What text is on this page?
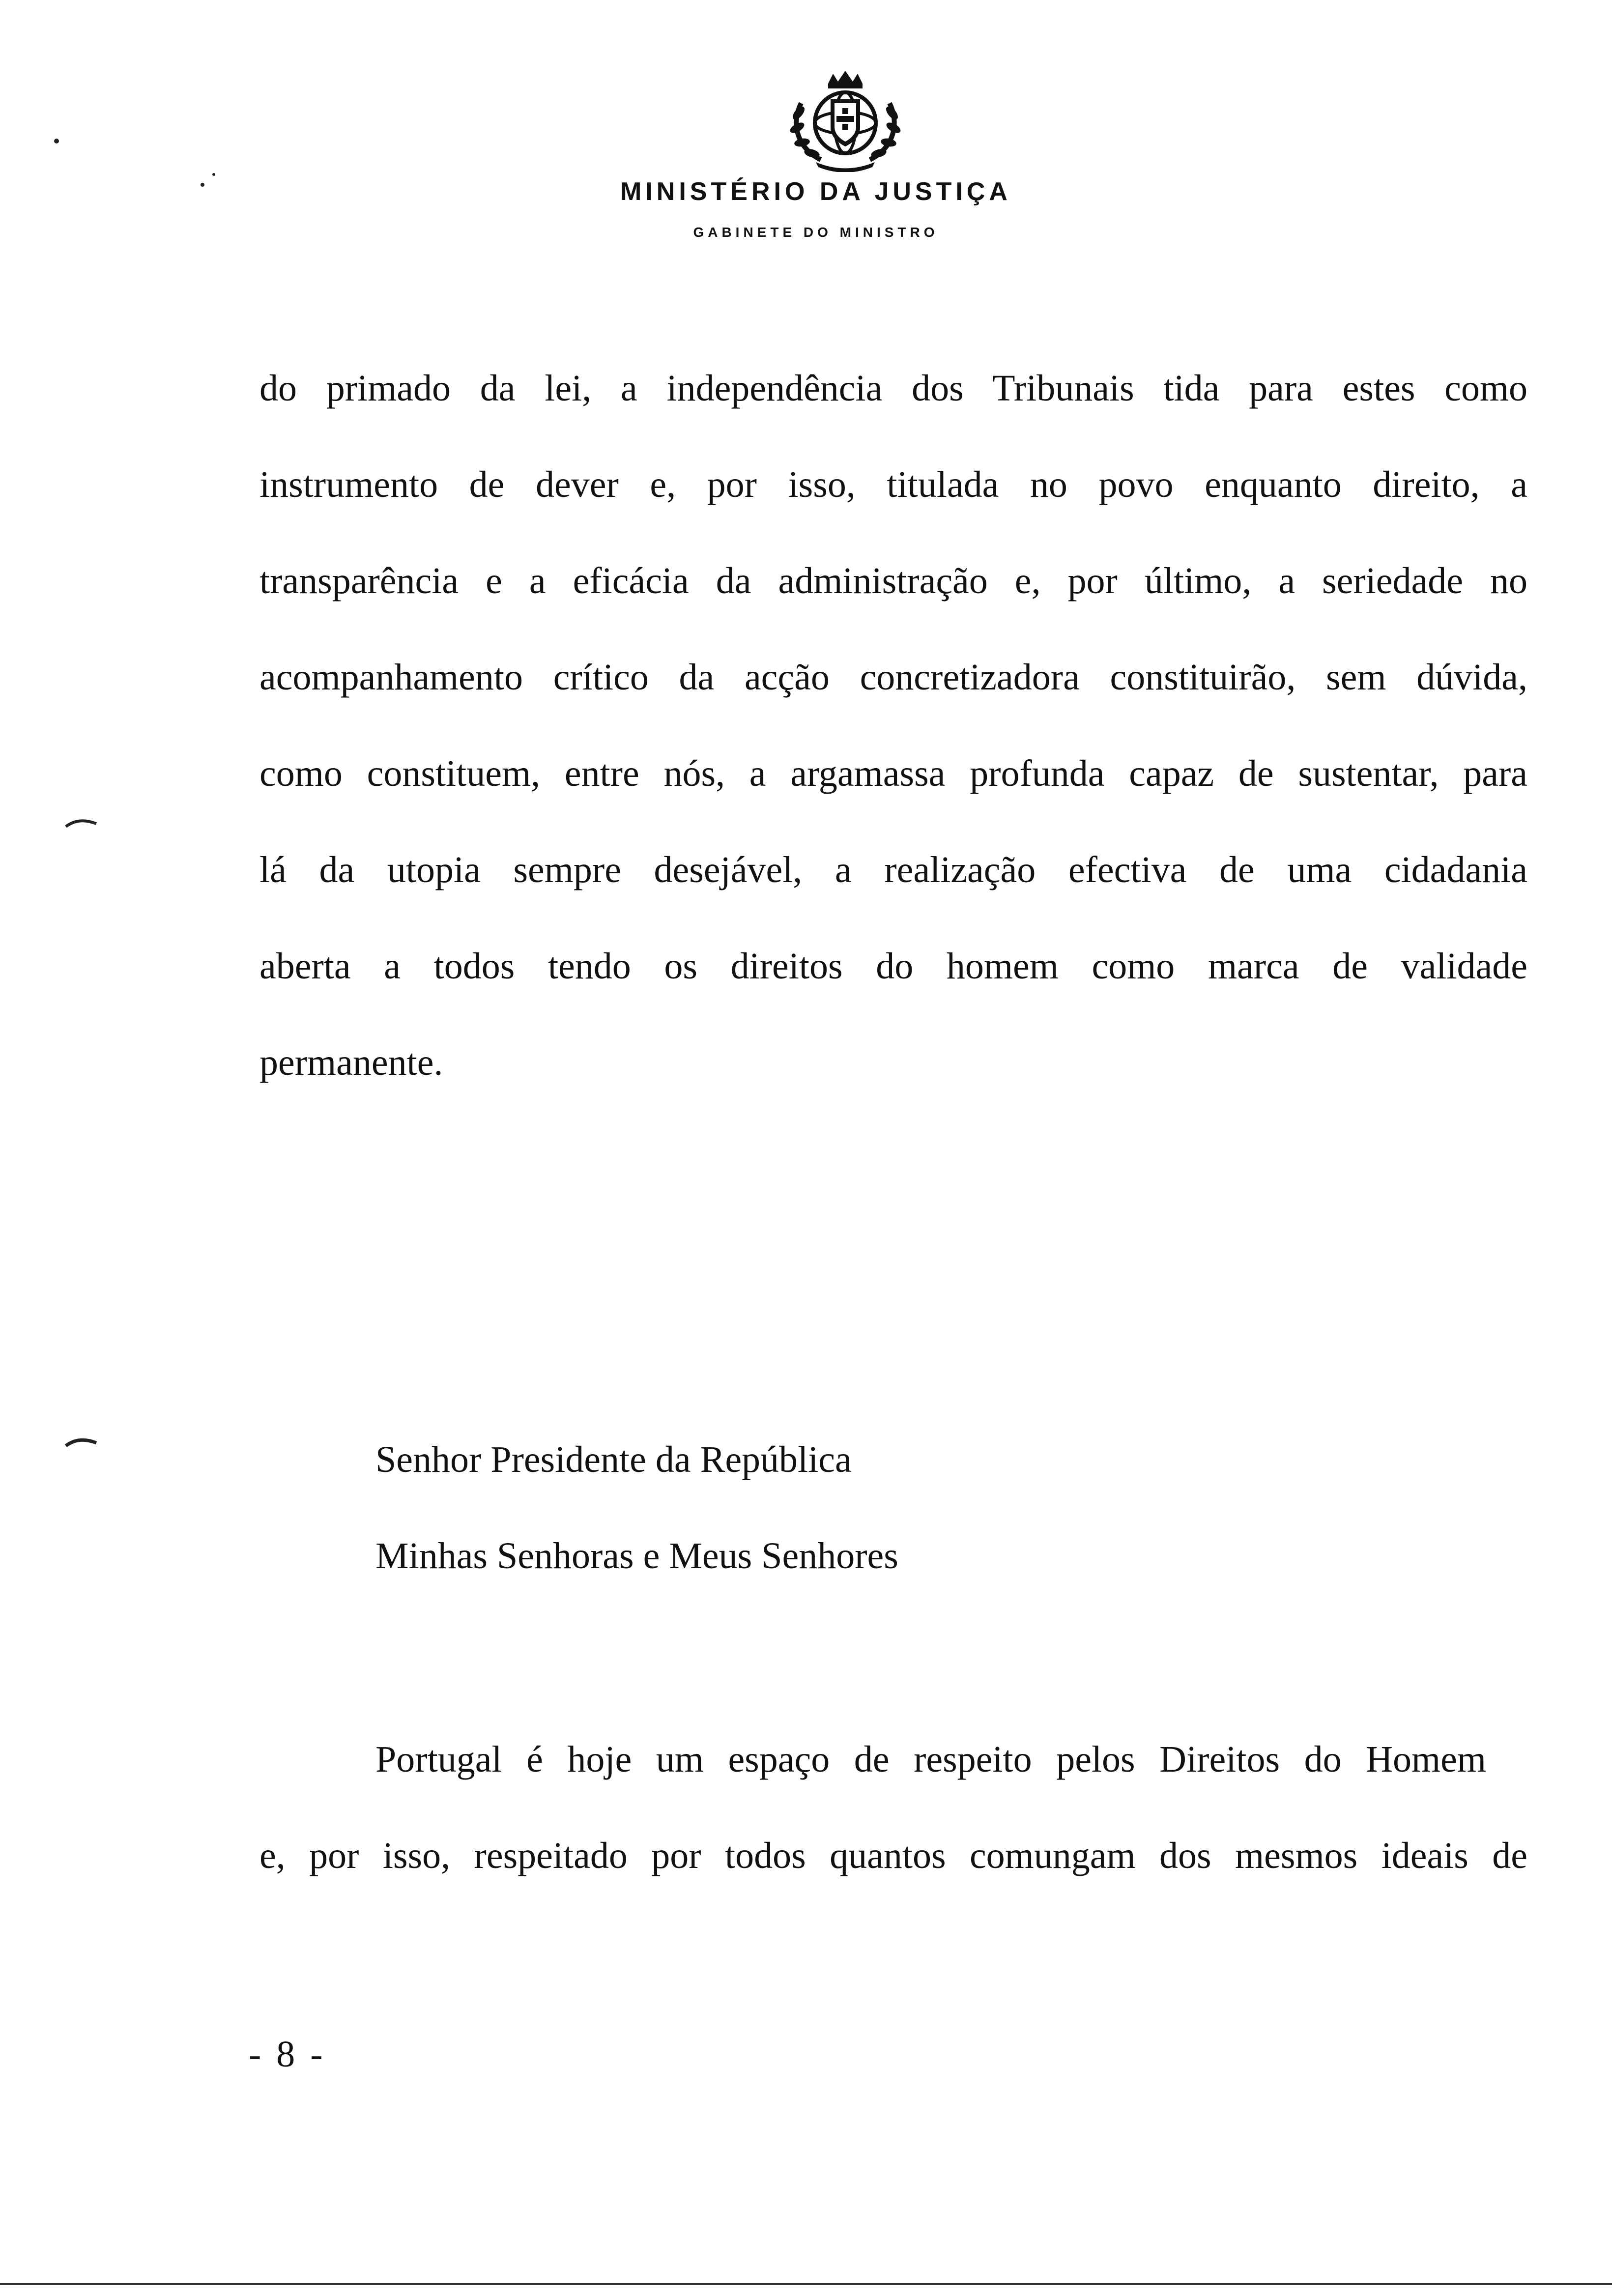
MINISTÉRIO DA JUSTIÇA
GABINETE DO MINISTRO
do primado da lei, a independência dos Tribunais tida para estes como
instrumento de dever e, por isso, titulada no povo enquanto direito, a
transparência e a eficácia da administração e, por último, a seriedade no
acompanhamento crítico da acção concretizadora constituirão, sem dúvida,
como constituem, entre nós, a argamassa profunda capaz de sustentar, para
lá da utopia sempre desejável, a realização efectiva de uma cidadania
aberta a todos tendo os direitos do homem como marca de validade
permanente.
Senhor Presidente da República
Minhas Senhoras e Meus Senhores
Portugal é hoje um espaço de respeito pelos Direitos do Homem
e, por isso, respeitado por todos quantos comungam dos mesmos ideais de
- 8 -
